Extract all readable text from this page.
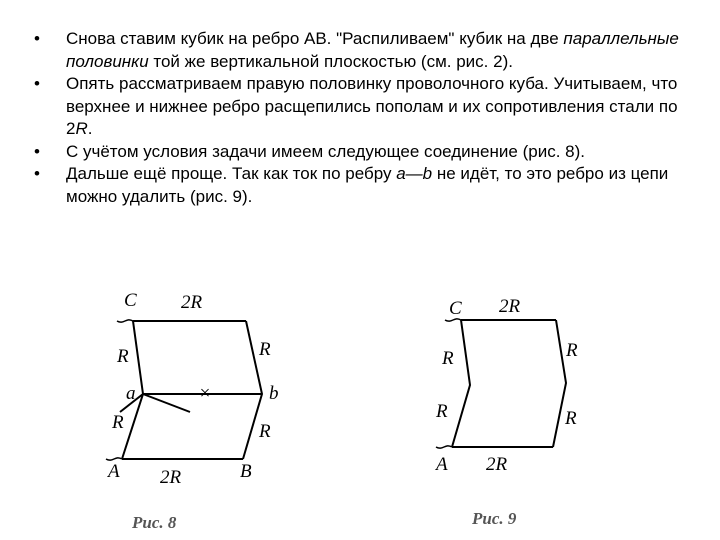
•	Снова ставим кубик на ребро АВ. "Распиливаем" кубик на две параллельные половинки той же вертикальной плоскостью (см. рис. 2).
•	Опять рассматриваем правую половинку проволочного куба. Учитываем, что верхнее и нижнее ребро расщепились пополам и их сопротивления стали по 2R.
•	С учётом условия задачи имеем следующее соединение (рис. 8).
•	Дальше ещё проще. Так как ток по ребру a—b не идёт, то это ребро из цепи можно удалить (рис. 9).
×
C 2R
R	R
a	b
R	R
A 2R	B
Рис. 8
C 2R
R	R
R	R
A 2R
Рис. 9
